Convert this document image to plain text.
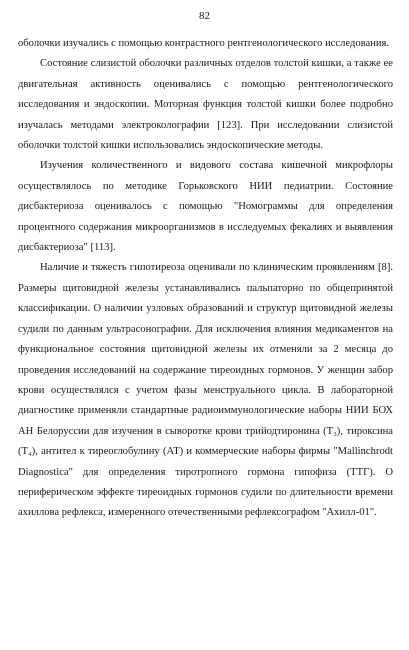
82

оболочки изучались с помощью контрастного рентгенологического исследования.

Состояние слизистой оболочки различных отделов толстой кишки, а также ее двигательная активность оценивались с помощью рентгенологического исследования и эндоскопии. Моторная функция толстой кишки более подробно изучалась методами электроколографии [123]. При исследовании слизистой оболочки толстой кишки использовались эндоскопические методы.

Изучения количественного и видового состава кишечной микрофлоры осуществлялось по методике Горьковского НИИ педиатрии. Состояние дисбактериоза оценивалось с помощью "Номограммы для определения процентного содержания микроорганизмов в исследуемых фекалиях и выявления дисбактериоза" [113].

Наличие и тяжесть гипотиреоза оценивали по клиническим проявлениям [8]. Размеры щитовидной железы устанавливались пальпаторно по общепринятой классификации. О наличии узловых образований и структур щитовидной железы судили по данным ультрасонографии. Для исключения влияния медикаментов на функциональное состояния щитовидной железы их отменяли за 2 месяца до проведения исследований на содержание тиреоидных гормонов. У женщин забор крови осуществлялся с учетом фазы менструального цикла. В лабораторной диагностике применяли стандартные радиоиммунологические наборы НИИ БОХ АН Белоруссии для изучения в сыворотке крови трийодтиронина (T₃), тироксина (T₄), антител к тиреоглобулину (АТ) и коммерческие наборы фирмы "Mallinchrodt Diagnostica" для определения тиротропного гормона гипофиза (ТТГ). О периферическом эффекте тиреоидных гормонов судили по длительности времени ахиллова рефлекса, измеренного отечественными рефлексографом "Ахилл-01".
